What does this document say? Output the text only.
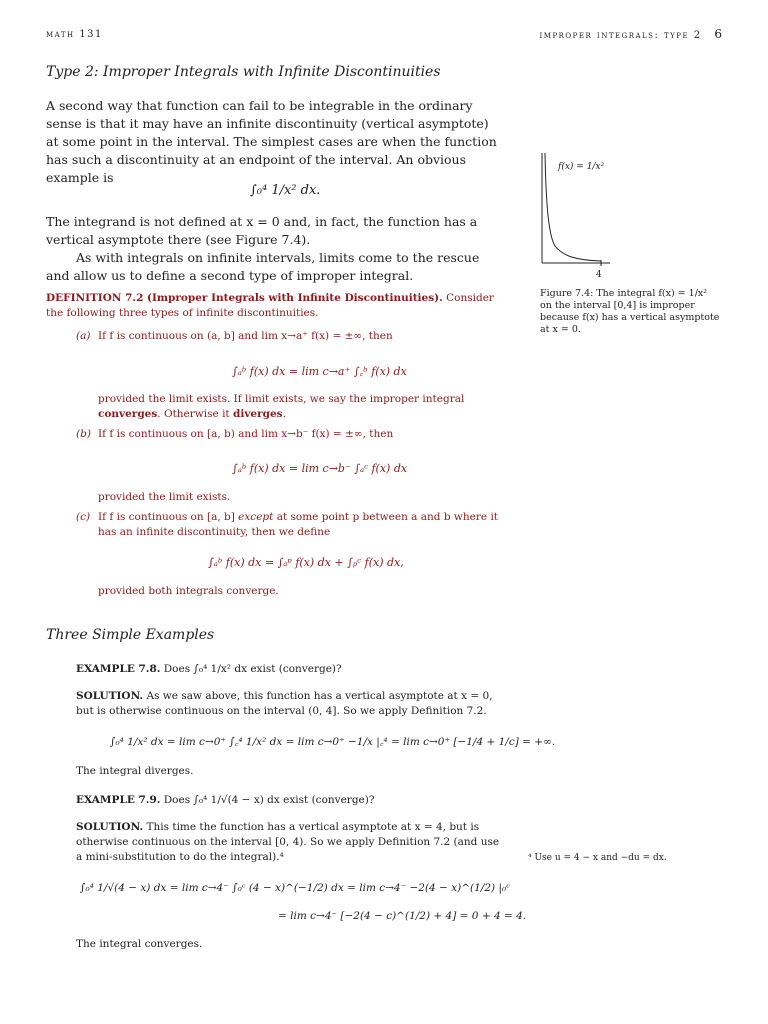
math 131	improper integrals: type 2 6
Type 2: Improper Integrals with Infinite Discontinuities

A second way that function can fail to be integrable in the ordinary sense is that it may have an infinite discontinuity (vertical asymptote) at some point in the interval. The simplest cases are when the function has such a discontinuity at an endpoint of the interval. An obvious example is

∫₀⁴ 1/x² dx.

The integrand is not defined at x = 0 and, in fact, the function has a vertical asymptote there (see Figure 7.4).

As with integrals on infinite intervals, limits come to the rescue and allow us to define a second type of improper integral.

f(x) = 1/x²
4

Figure 7.4: The integral f(x) = 1/x² on the interval [0,4] is improper because f(x) has a vertical asymptote at x = 0.

DEFINITION 7.2 (Improper Integrals with Infinite Discontinuities). Consider the following three types of infinite discontinuities.

(a) If f is continuous on (a, b] and lim x→a⁺ f(x) = ±∞, then
∫ₐᵇ f(x) dx = lim c→a⁺ ∫꜀ᵇ f(x) dx

provided the limit exists. If limit exists, we say the improper integral converges. Otherwise it diverges.

(b) If f is continuous on [a, b) and lim x→b⁻ f(x) = ±∞, then
∫ₐᵇ f(x) dx = lim c→b⁻ ∫ₐᶜ f(x) dx
provided the limit exists.
(c) If f is continuous on [a, b] except at some point p between a and b where it has an infinite discontinuity, then we define

∫ₐᵇ f(x) dx = ∫ₐᵖ f(x) dx + ∫ₚᶜ f(x) dx,
provided both integrals converge.
Three Simple Examples

EXAMPLE 7.8. Does ∫₀⁴ 1/x² dx exist (converge)?

SOLUTION. As we saw above, this function has a vertical asymptote at x = 0, but is otherwise continuous on the interval (0, 4]. So we apply Definition 7.2.

∫₀⁴ 1/x² dx = lim c→0⁺ ∫꜀⁴ 1/x² dx = lim c→0⁺ −1/x |꜀⁴ = lim c→0⁺ [−1/4 + 1/c] = +∞.
The integral diverges.

EXAMPLE 7.9. Does ∫₀⁴ 1/√(4 − x) dx exist (converge)?

SOLUTION. This time the function has a vertical asymptote at x = 4, but is otherwise continuous on the interval [0, 4). So we apply Definition 7.2 (and use a mini-substitution to do the integral).⁴

∫₀⁴ 1/√(4 − x) dx = lim c→4⁻ ∫₀ᶜ (4 − x)^(−1/2) dx = lim c→4⁻ −2(4 − x)^(1/2) |₀ᶜ
= lim c→4⁻ [−2(4 − c)^(1/2) + 4] = 0 + 4 = 4.
The integral converges.
⁴ Use u = 4 − x and −du = dx.
